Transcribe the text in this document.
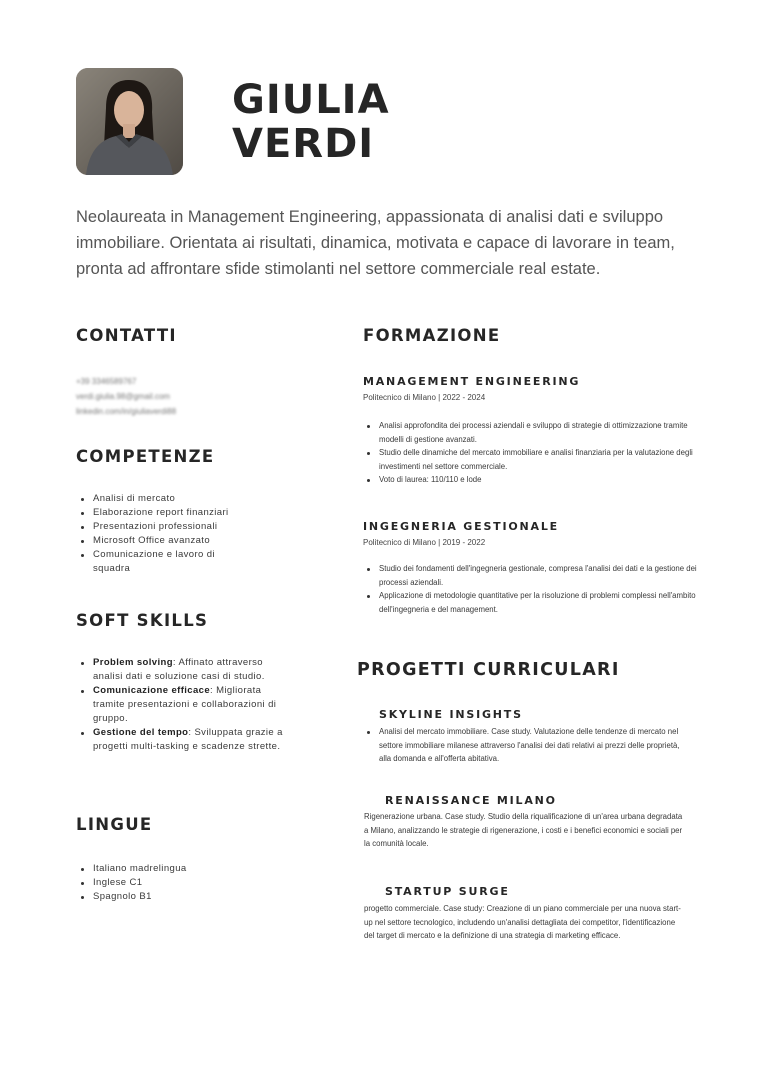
GIULIA
VERDI
Neolaureata in Management Engineering, appassionata di analisi dati e sviluppo immobiliare. Orientata ai risultati, dinamica, motivata e capace di lavorare in team, pronta ad affrontare sfide stimolanti nel settore commerciale real estate.
CONTATTI
+39 3346589767
verdi.giulia.98@gmail.com
linkedin.com/in/giuliaverdi88
COMPETENZE
Analisi di mercato
Elaborazione report finanziari
Presentazioni professionali
Microsoft Office avanzato
Comunicazione e lavoro di squadra
SOFT SKILLS
Problem solving: Affinato attraverso analisi dati e soluzione casi di studio.
Comunicazione efficace: Migliorata tramite presentazioni e collaborazioni di gruppo.
Gestione del tempo: Sviluppata grazie a progetti multi-tasking e scadenze strette.
LINGUE
Italiano madrelingua
Inglese C1
Spagnolo B1
FORMAZIONE
MANAGEMENT ENGINEERING
Politecnico di Milano | 2022 - 2024
Analisi approfondita dei processi aziendali e sviluppo di strategie di ottimizzazione tramite modelli di gestione avanzati.
Studio delle dinamiche del mercato immobiliare e analisi finanziaria per la valutazione degli investimenti nel settore commerciale.
Voto di laurea: 110/110 e lode
INGEGNERIA GESTIONALE
Politecnico di Milano | 2019 - 2022
Studio dei fondamenti dell'ingegneria gestionale, compresa l'analisi dei dati e la gestione dei processi aziendali.
Applicazione di metodologie quantitative per la risoluzione di problemi complessi nell'ambito dell'ingegneria e del management.
PROGETTI CURRICULARI
SKYLINE INSIGHTS
Analisi del mercato immobiliare. Case study. Valutazione delle tendenze di mercato nel settore immobiliare milanese attraverso l'analisi dei dati relativi ai prezzi delle proprietà, alla domanda e all'offerta abitativa.
RENAISSANCE MILANO
Rigenerazione urbana. Case study. Studio della riqualificazione di un'area urbana degradata a Milano, analizzando le strategie di rigenerazione, i costi e i benefici economici e sociali per la comunità locale.
STARTUP SURGE
progetto commerciale. Case study: Creazione di un piano commerciale per una nuova start-up nel settore tecnologico, includendo un'analisi dettagliata dei competitor, l'identificazione del target di mercato e la definizione di una strategia di marketing efficace.
